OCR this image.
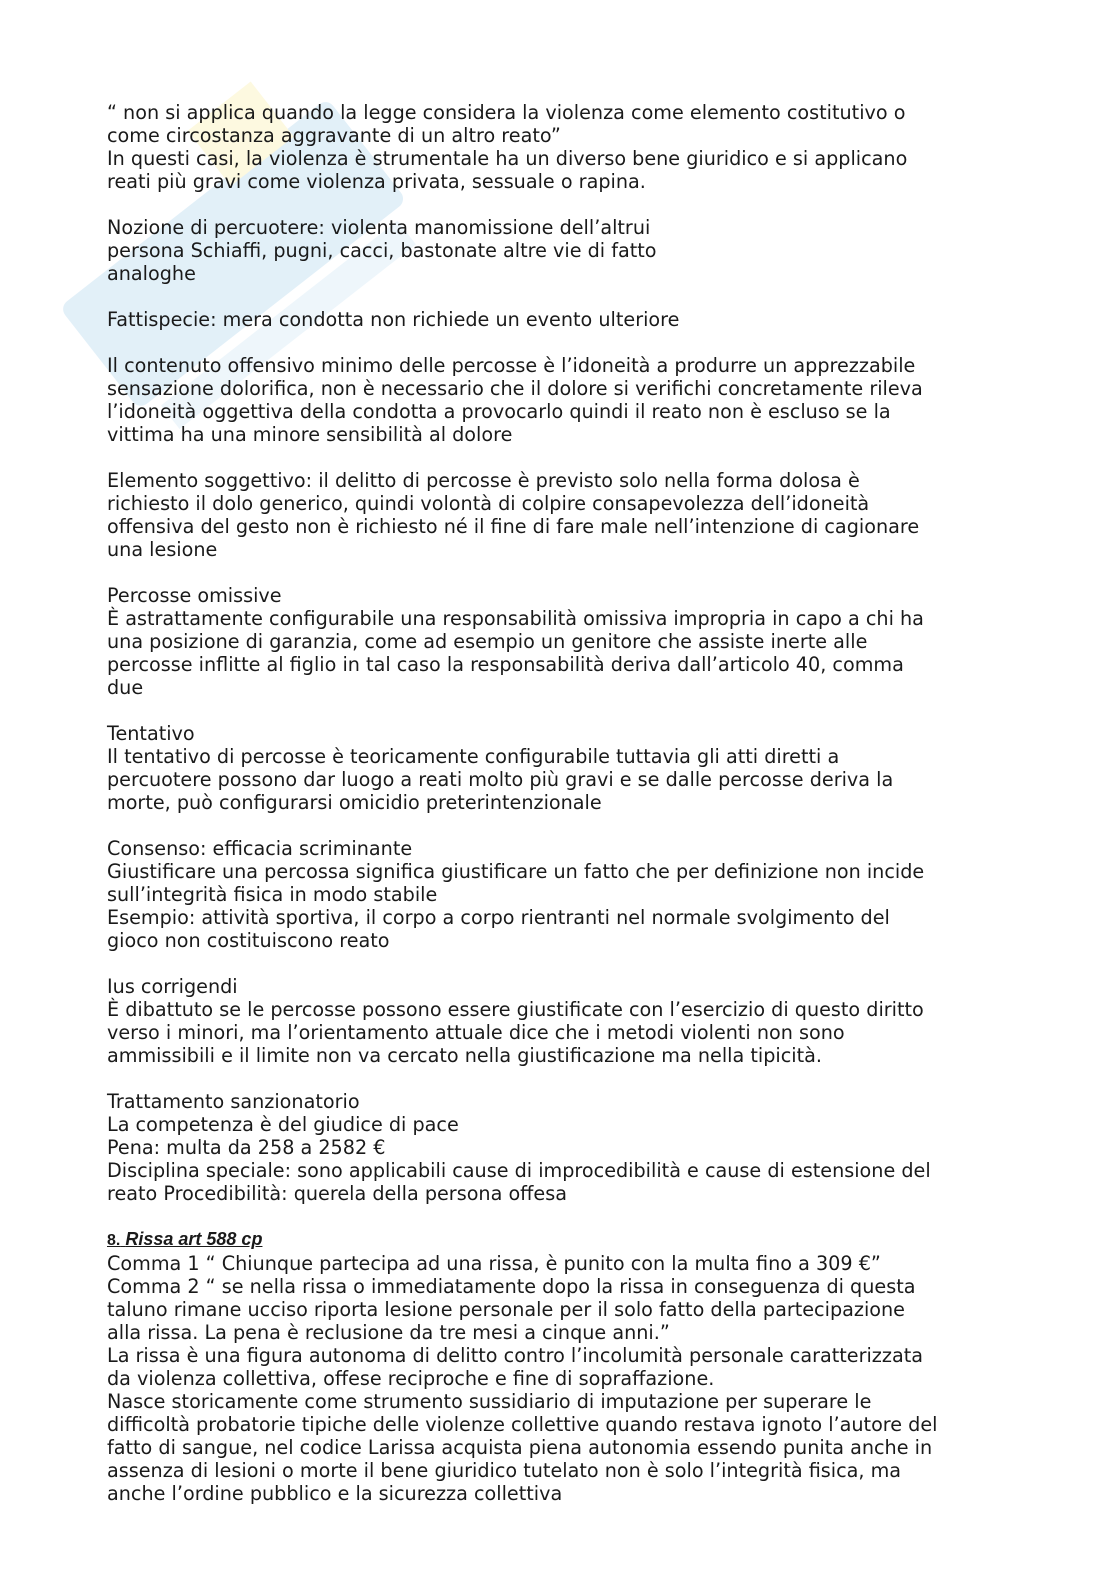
“ non si applica quando la legge considera la violenza come elemento costitutivo o
come circostanza aggravante di un altro reato”
In questi casi, la violenza è strumentale ha un diverso bene giuridico e si applicano
reati più gravi come violenza privata, sessuale o rapina.
Nozione di percuotere: violenta manomissione dell’altrui
persona Schiaffi, pugni, cacci, bastonate altre vie di fatto
analoghe
Fattispecie: mera condotta non richiede un evento ulteriore
Il contenuto offensivo minimo delle percosse è l’idoneità a produrre un apprezzabile
sensazione dolorifica, non è necessario che il dolore si verifichi concretamente rileva
l’idoneità oggettiva della condotta a provocarlo quindi il reato non è escluso se la
vittima ha una minore sensibilità al dolore
Elemento soggettivo: il delitto di percosse è previsto solo nella forma dolosa è
richiesto il dolo generico, quindi volontà di colpire consapevolezza dell’idoneità
offensiva del gesto non è richiesto né il fine di fare male nell’intenzione di cagionare
una lesione
Percosse omissive
È astrattamente configurabile una responsabilità omissiva impropria in capo a chi ha
una posizione di garanzia, come ad esempio un genitore che assiste inerte alle
percosse inflitte al figlio in tal caso la responsabilità deriva dall’articolo 40, comma
due
Tentativo
Il tentativo di percosse è teoricamente configurabile tuttavia gli atti diretti a
percuotere possono dar luogo a reati molto più gravi e se dalle percosse deriva la
morte, può configurarsi omicidio preterintenzionale
Consenso: efficacia scriminante
Giustificare una percossa significa giustificare un fatto che per definizione non incide
sull’integrità fisica in modo stabile
Esempio: attività sportiva, il corpo a corpo rientranti nel normale svolgimento del
gioco non costituiscono reato
Ius corrigendi
È dibattuto se le percosse possono essere giustificate con l’esercizio di questo diritto
verso i minori, ma l’orientamento attuale dice che i metodi violenti non sono
ammissibili e il limite non va cercato nella giustificazione ma nella tipicità.
Trattamento sanzionatorio
La competenza è del giudice di pace
Pena: multa da 258 a 2582 €
Disciplina speciale: sono applicabili cause di improcedibilità e cause di estensione del
reato Procedibilità: querela della persona offesa
8. Rissa art 588 cp
Comma 1 “ Chiunque partecipa ad una rissa, è punito con la multa fino a 309 €”
Comma 2 “ se nella rissa o immediatamente dopo la rissa in conseguenza di questa
taluno rimane ucciso riporta lesione personale per il solo fatto della partecipazione
alla rissa. La pena è reclusione da tre mesi a cinque anni.”
La rissa è una figura autonoma di delitto contro l’incolumità personale caratterizzata
da violenza collettiva, offese reciproche e fine di sopraffazione.
Nasce storicamente come strumento sussidiario di imputazione per superare le
difficoltà probatorie tipiche delle violenze collettive quando restava ignoto l’autore del
fatto di sangue, nel codice Larissa acquista piena autonomia essendo punita anche in
assenza di lesioni o morte il bene giuridico tutelato non è solo l’integrità fisica, ma
anche l’ordine pubblico e la sicurezza collettiva
